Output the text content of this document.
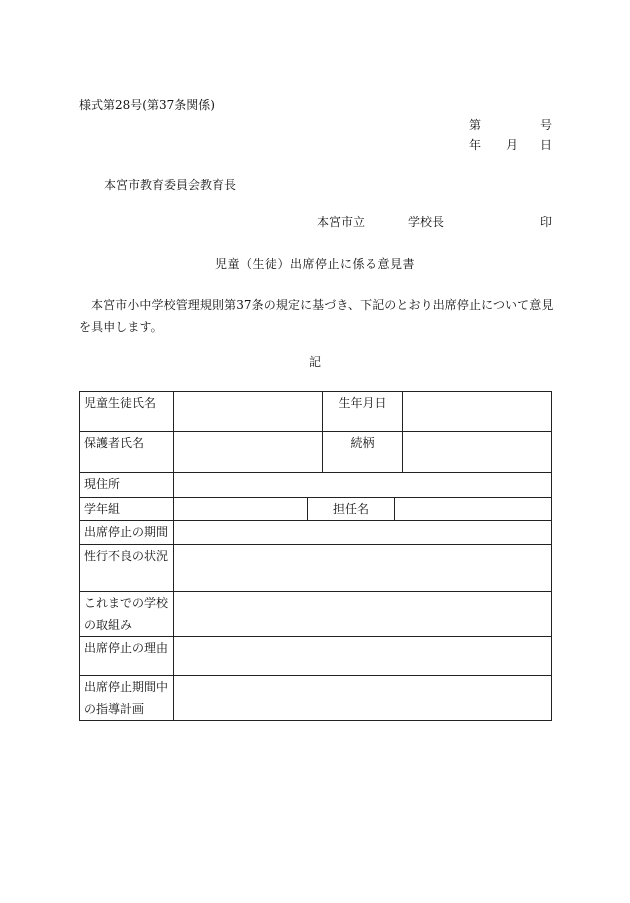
様式第28号(第37条関係)
第	号
年 月 日
本宮市教育委員会教育長
本宮市立	学校長	印
児童（生徒）出席停止に係る意見書
本宮市小中学校管理規則第37条の規定に基づき、下記のとおり出席停止について意見を具申します。
記
児童生徒氏名			生年月日		
保護者氏名			続柄		
現住所					
学年組		担任名			
出席停止の期間					
性行不良の状況					

これまでの学校
の取組み					

出席停止の理由					

出席停止期間中
の指導計画					
